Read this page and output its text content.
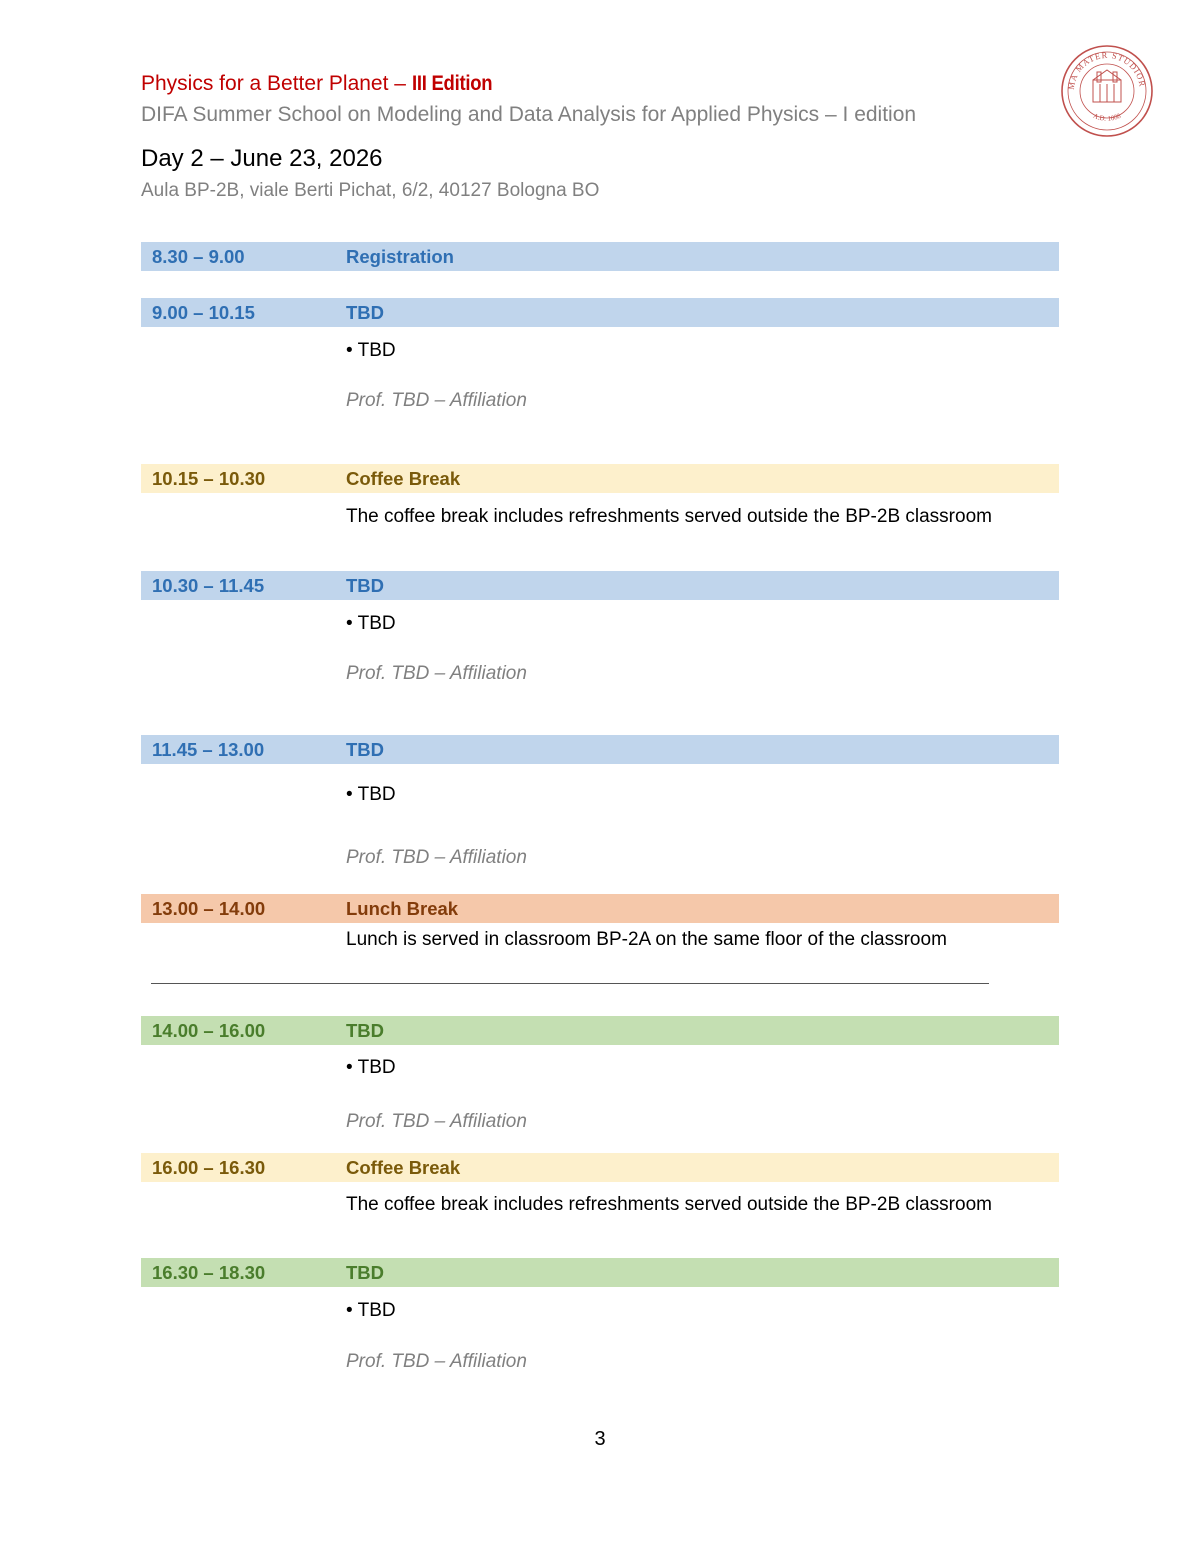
Physics for a Better Planet – III Edition
DIFA Summer School on Modeling and Data Analysis for Applied Physics – I edition
Day 2 – June 23, 2026
Aula BP-2B, viale Berti Pichat, 6/2, 40127 Bologna BO
MA MATER STUDIOR
A.D. 1088
8.30 – 9.00	Registration
9.00 – 10.15	TBD
• TBD
Prof. TBD – Affiliation
10.15 – 10.30	Coffee Break
The coffee break includes refreshments served outside the BP-2B classroom
10.30 – 11.45	TBD
• TBD
Prof. TBD – Affiliation
11.45 – 13.00	TBD
• TBD
Prof. TBD – Affiliation
13.00 – 14.00	Lunch Break
Lunch is served in classroom BP-2A on the same floor of the classroom
14.00 – 16.00	TBD
• TBD
Prof. TBD – Affiliation
16.00 – 16.30	Coffee Break
The coffee break includes refreshments served outside the BP-2B classroom
16.30 – 18.30	TBD
• TBD
Prof. TBD – Affiliation
3
